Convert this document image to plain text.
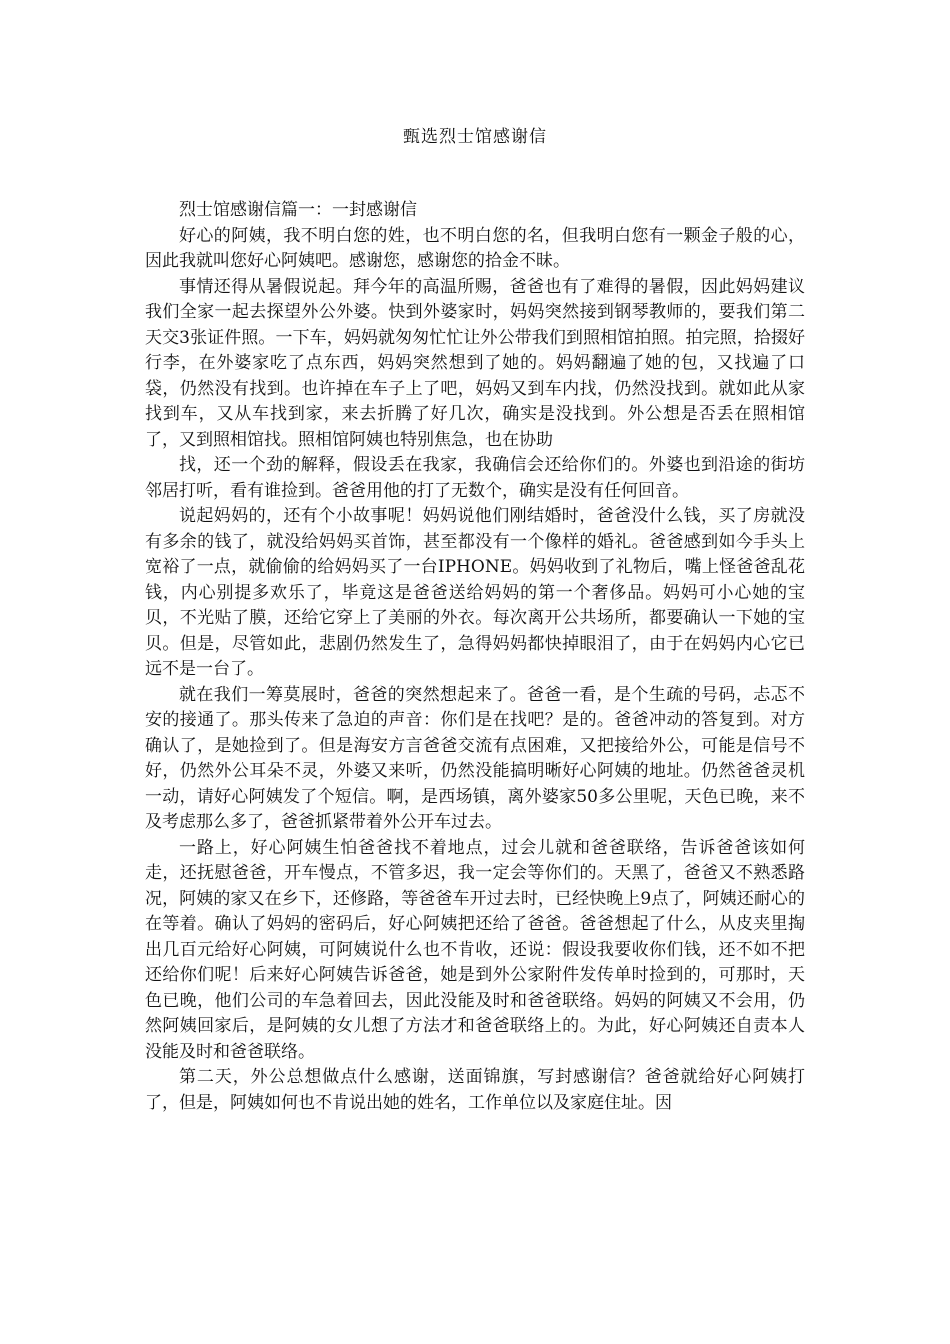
甄选烈士馆感谢信

烈士馆感谢信篇一：一封感谢信

好心的阿姨，我不明白您的姓，也不明白您的名，但我明白您有一颗金子般的心，因此我就叫您好心阿姨吧。感谢您，感谢您的拾金不昧。

事情还得从暑假说起。拜今年的高温所赐，爸爸也有了难得的暑假，因此妈妈建议我们全家一起去探望外公外婆。快到外婆家时，妈妈突然接到钢琴教师的，要我们第二天交3张证件照。一下车，妈妈就匆匆忙忙让外公带我们到照相馆拍照。拍完照，拾掇好行李，在外婆家吃了点东西，妈妈突然想到了她的。妈妈翻遍了她的包，又找遍了口袋，仍然没有找到。也许掉在车子上了吧，妈妈又到车内找，仍然没找到。就如此从家找到车，又从车找到家，来去折腾了好几次，确实是没找到。外公想是否丢在照相馆了，又到照相馆找。照相馆阿姨也特别焦急，也在协助

找，还一个劲的解释，假设丢在我家，我确信会还给你们的。外婆也到沿途的街坊邻居打听，看有谁捡到。爸爸用他的打了无数个，确实是没有任何回音。

说起妈妈的，还有个小故事呢！妈妈说他们刚结婚时，爸爸没什么钱，买了房就没有多余的钱了，就没给妈妈买首饰，甚至都没有一个像样的婚礼。爸爸感到如今手头上宽裕了一点，就偷偷的给妈妈买了一台IPHONE。妈妈收到了礼物后，嘴上怪爸爸乱花钱，内心别提多欢乐了，毕竟这是爸爸送给妈妈的第一个奢侈品。妈妈可小心她的宝贝，不光贴了膜，还给它穿上了美丽的外衣。每次离开公共场所，都要确认一下她的宝贝。但是，尽管如此，悲剧仍然发生了，急得妈妈都快掉眼泪了，由于在妈妈内心它已远不是一台了。

就在我们一筹莫展时，爸爸的突然想起来了。爸爸一看，是个生疏的号码，忐忑不安的接通了。那头传来了急迫的声音：你们是在找吧？是的。爸爸冲动的答复到。对方确认了，是她捡到了。但是海安方言爸爸交流有点困难，又把接给外公，可能是信号不好，仍然外公耳朵不灵，外婆又来听，仍然没能搞明晰好心阿姨的地址。仍然爸爸灵机一动，请好心阿姨发了个短信。啊，是西场镇，离外婆家50多公里呢，天色已晚，来不及考虑那么多了，爸爸抓紧带着外公开车过去。

一路上，好心阿姨生怕爸爸找不着地点，过会儿就和爸爸联络，告诉爸爸该如何走，还抚慰爸爸，开车慢点，不管多迟，我一定会等你们的。天黑了，爸爸又不熟悉路况，阿姨的家又在乡下，还修路，等爸爸车开过去时，已经快晚上9点了，阿姨还耐心的在等着。确认了妈妈的密码后，好心阿姨把还给了爸爸。爸爸想起了什么，从皮夹里掏出几百元给好心阿姨，可阿姨说什么也不肯收，还说：假设我要收你们钱，还不如不把还给你们呢！后来好心阿姨告诉爸爸，她是到外公家附件发传单时捡到的，可那时，天色已晚，他们公司的车急着回去，因此没能及时和爸爸联络。妈妈的阿姨又不会用，仍然阿姨回家后，是阿姨的女儿想了方法才和爸爸联络上的。为此，好心阿姨还自责本人没能及时和爸爸联络。

第二天，外公总想做点什么感谢，送面锦旗，写封感谢信？爸爸就给好心阿姨打了，但是，阿姨如何也不肯说出她的姓名，工作单位以及家庭住址。因
